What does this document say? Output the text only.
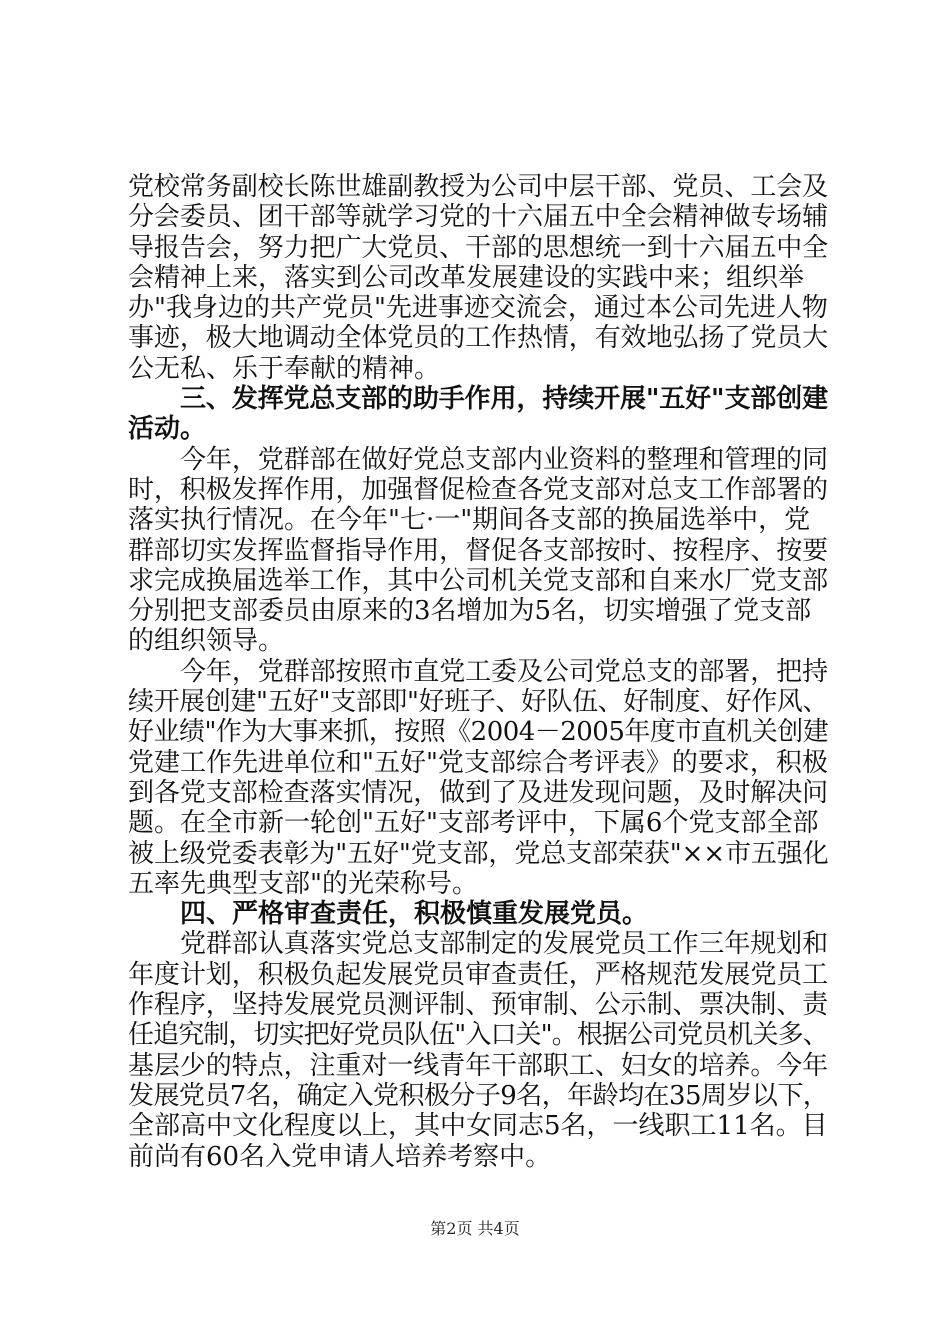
党校常务副校长陈世雄副教授为公司中层干部、党员、工会及
分会委员、团干部等就学习党的十六届五中全会精神做专场辅
导报告会，努力把广大党员、干部的思想统一到十六届五中全
会精神上来，落实到公司改革发展建设的实践中来；组织举
办"我身边的共产党员"先进事迹交流会，通过本公司先进人物
事迹，极大地调动全体党员的工作热情，有效地弘扬了党员大
公无私、乐于奉献的精神。
三、发挥党总支部的助手作用，持续开展"五好"支部创建
活动。
今年，党群部在做好党总支部内业资料的整理和管理的同
时，积极发挥作用，加强督促检查各党支部对总支工作部署的
落实执行情况。在今年"七·一"期间各支部的换届选举中，党
群部切实发挥监督指导作用，督促各支部按时、按程序、按要
求完成换届选举工作，其中公司机关党支部和自来水厂党支部
分别把支部委员由原来的3名增加为5名，切实增强了党支部
的组织领导。
今年，党群部按照市直党工委及公司党总支的部署，把持
续开展创建"五好"支部即"好班子、好队伍、好制度、好作风、
好业绩"作为大事来抓，按照《2004－2005年度市直机关创建
党建工作先进单位和"五好"党支部综合考评表》的要求，积极
到各党支部检查落实情况，做到了及进发现问题，及时解决问
题。在全市新一轮创"五好"支部考评中，下属6个党支部全部
被上级党委表彰为"五好"党支部，党总支部荣获"××市五强化
五率先典型支部"的光荣称号。
四、严格审查责任，积极慎重发展党员。
党群部认真落实党总支部制定的发展党员工作三年规划和
年度计划，积极负起发展党员审查责任，严格规范发展党员工
作程序，坚持发展党员测评制、预审制、公示制、票决制、责
任追究制，切实把好党员队伍"入口关"。根据公司党员机关多、
基层少的特点，注重对一线青年干部职工、妇女的培养。今年
发展党员7名，确定入党积极分子9名，年龄均在35周岁以下，
全部高中文化程度以上，其中女同志5名，一线职工11名。目
前尚有60名入党申请人培养考察中。
第2页 共4页
